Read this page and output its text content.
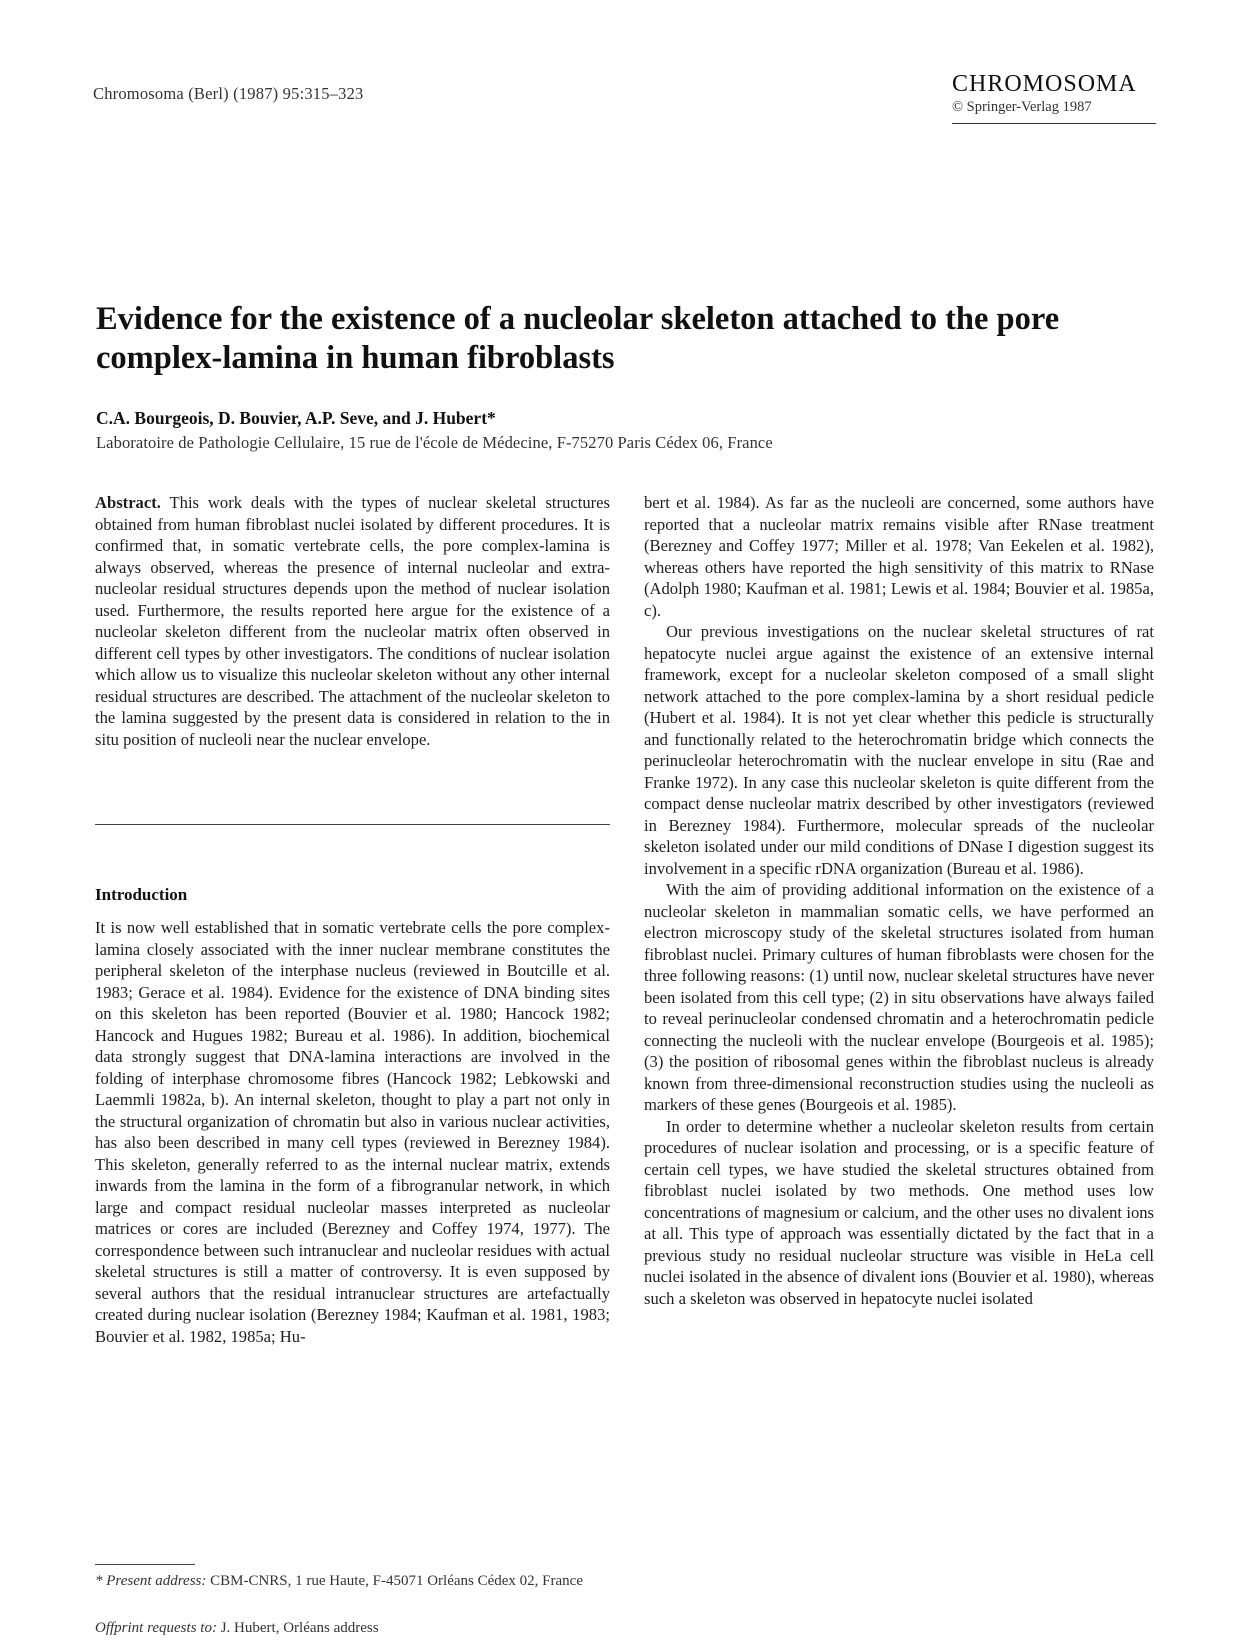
Chromosoma (Berl) (1987) 95:315–323	CHROMOSOMA
© Springer-Verlag 1987
Evidence for the existence of a nucleolar skeleton attached to the pore complex-lamina in human fibroblasts
C.A. Bourgeois, D. Bouvier, A.P. Seve, and J. Hubert*
Laboratoire de Pathologie Cellulaire, 15 rue de l'école de Médecine, F-75270 Paris Cédex 06, France

Abstract. This work deals with the types of nuclear skeletal structures obtained from human fibroblast nuclei isolated by different procedures. It is confirmed that, in somatic vertebrate cells, the pore complex-lamina is always observed, whereas the presence of internal nucleolar and extra-nucleolar residual structures depends upon the method of nuclear isolation used. Furthermore, the results reported here argue for the existence of a nucleolar skeleton different from the nucleolar matrix often observed in different cell types by other investigators. The conditions of nuclear isolation which allow us to visualize this nucleolar skeleton without any other internal residual structures are described. The attachment of the nucleolar skeleton to the lamina suggested by the present data is considered in relation to the in situ position of nucleoli near the nuclear envelope.

Introduction

It is now well established that in somatic vertebrate cells the pore complex-lamina closely associated with the inner nuclear membrane constitutes the peripheral skeleton of the interphase nucleus (reviewed in Boutcille et al. 1983; Gerace et al. 1984). Evidence for the existence of DNA binding sites on this skeleton has been reported (Bouvier et al. 1980; Hancock 1982; Hancock and Hugues 1982; Bureau et al. 1986). In addition, biochemical data strongly suggest that DNA-lamina interactions are involved in the folding of interphase chromosome fibres (Hancock 1982; Lebkowski and Laemmli 1982a, b). An internal skeleton, thought to play a part not only in the structural organization of chromatin but also in various nuclear activities, has also been described in many cell types (reviewed in Berezney 1984). This skeleton, generally referred to as the internal nuclear matrix, extends inwards from the lamina in the form of a fibrogranular network, in which large and compact residual nucleolar masses interpreted as nucleolar matrices or cores are included (Berezney and Coffey 1974, 1977). The correspondence between such intranuclear and nucleolar residues with actual skeletal structures is still a matter of controversy. It is even supposed by several authors that the residual intranuclear structures are artefactually created during nuclear isolation (Berezney 1984; Kaufman et al. 1981, 1983; Bouvier et al. 1982, 1985a; Hu-

bert et al. 1984). As far as the nucleoli are concerned, some authors have reported that a nucleolar matrix remains visible after RNase treatment (Berezney and Coffey 1977; Miller et al. 1978; Van Eekelen et al. 1982), whereas others have reported the high sensitivity of this matrix to RNase (Adolph 1980; Kaufman et al. 1981; Lewis et al. 1984; Bouvier et al. 1985a, c).

Our previous investigations on the nuclear skeletal structures of rat hepatocyte nuclei argue against the existence of an extensive internal framework, except for a nucleolar skeleton composed of a small slight network attached to the pore complex-lamina by a short residual pedicle (Hubert et al. 1984). It is not yet clear whether this pedicle is structurally and functionally related to the heterochromatin bridge which connects the perinucleolar heterochromatin with the nuclear envelope in situ (Rae and Franke 1972). In any case this nucleolar skeleton is quite different from the compact dense nucleolar matrix described by other investigators (reviewed in Berezney 1984). Furthermore, molecular spreads of the nucleolar skeleton isolated under our mild conditions of DNase I digestion suggest its involvement in a specific rDNA organization (Bureau et al. 1986).

With the aim of providing additional information on the existence of a nucleolar skeleton in mammalian somatic cells, we have performed an electron microscopy study of the skeletal structures isolated from human fibroblast nuclei. Primary cultures of human fibroblasts were chosen for the three following reasons: (1) until now, nuclear skeletal structures have never been isolated from this cell type; (2) in situ observations have always failed to reveal perinucleolar condensed chromatin and a heterochromatin pedicle connecting the nucleoli with the nuclear envelope (Bourgeois et al. 1985); (3) the position of ribosomal genes within the fibroblast nucleus is already known from three-dimensional reconstruction studies using the nucleoli as markers of these genes (Bourgeois et al. 1985).

In order to determine whether a nucleolar skeleton results from certain procedures of nuclear isolation and processing, or is a specific feature of certain cell types, we have studied the skeletal structures obtained from fibroblast nuclei isolated by two methods. One method uses low concentrations of magnesium or calcium, and the other uses no divalent ions at all. This type of approach was essentially dictated by the fact that in a previous study no residual nucleolar structure was visible in HeLa cell nuclei isolated in the absence of divalent ions (Bouvier et al. 1980), whereas such a skeleton was observed in hepatocyte nuclei isolated

* Present address: CBM-CNRS, 1 rue Haute, F-45071 Orléans Cédex 02, France
Offprint requests to: J. Hubert, Orléans address
